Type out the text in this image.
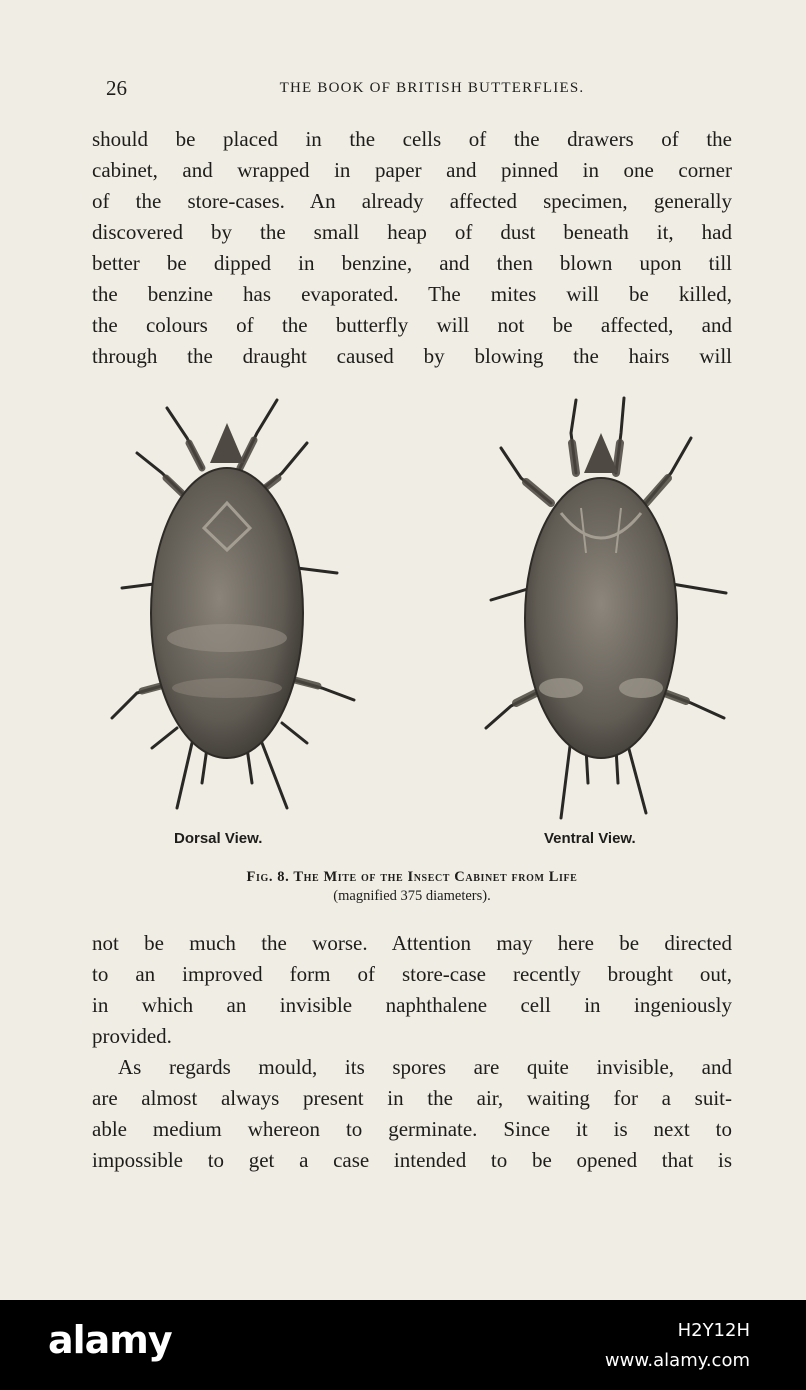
26	THE BOOK OF BRITISH BUTTERFLIES.
should be placed in the cells of the drawers of the
cabinet, and wrapped in paper and pinned in one corner
of the store-cases. An already affected specimen, generally
discovered by the small heap of dust beneath it, had
better be dipped in benzine, and then blown upon till
the benzine has evaporated. The mites will be killed,
the colours of the butterfly will not be affected, and
through the draught caused by blowing the hairs will
Dorsal View.	Ventral View.
Fig. 8. The Mite of the Insect Cabinet from Life
(magnified 375 diameters).
not be much the worse. Attention may here be directed
to an improved form of store-case recently brought out,
in which an invisible naphthalene cell in ingeniously
provided.
As regards mould, its spores are quite invisible, and
are almost always present in the air, waiting for a suit-
able medium whereon to germinate. Since it is next to
impossible to get a case intended to be opened that is
alamy	H2Y12H
www.alamy.com
